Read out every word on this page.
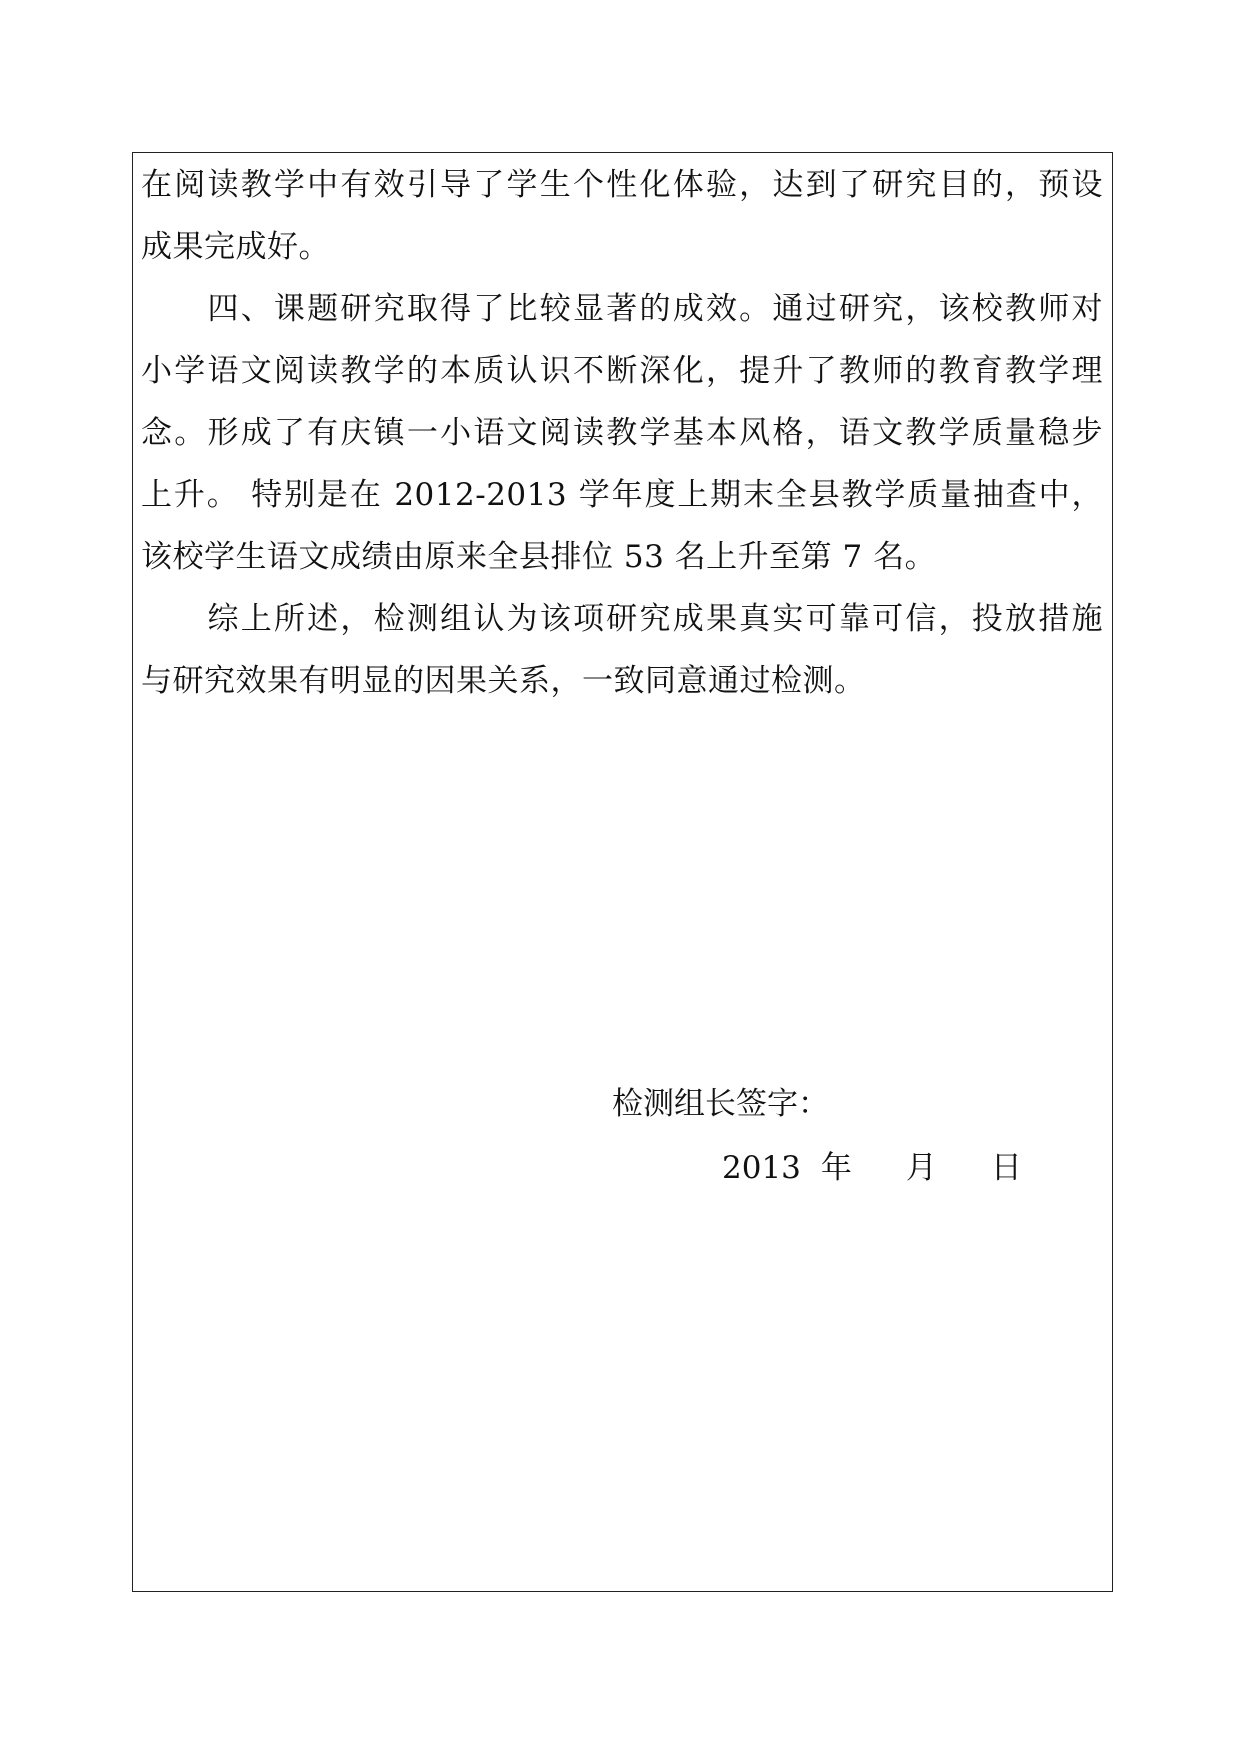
在阅读教学中有效引导了学生个性化体验，达到了研究目的，预设
成果完成好。
　　四、课题研究取得了比较显著的成效。通过研究，该校教师对
小学语文阅读教学的本质认识不断深化，提升了教师的教育教学理
念。形成了有庆镇一小语文阅读教学基本风格，语文教学质量稳步
上升。 特别是在 2012-2013 学年度上期末全县教学质量抽查中，
该校学生语文成绩由原来全县排位 53 名上升至第 7 名。
　　综上所述，检测组认为该项研究成果真实可靠可信，投放措施
与研究效果有明显的因果关系，一致同意通过检测。
检测组长签字：
2013 年 月 日
